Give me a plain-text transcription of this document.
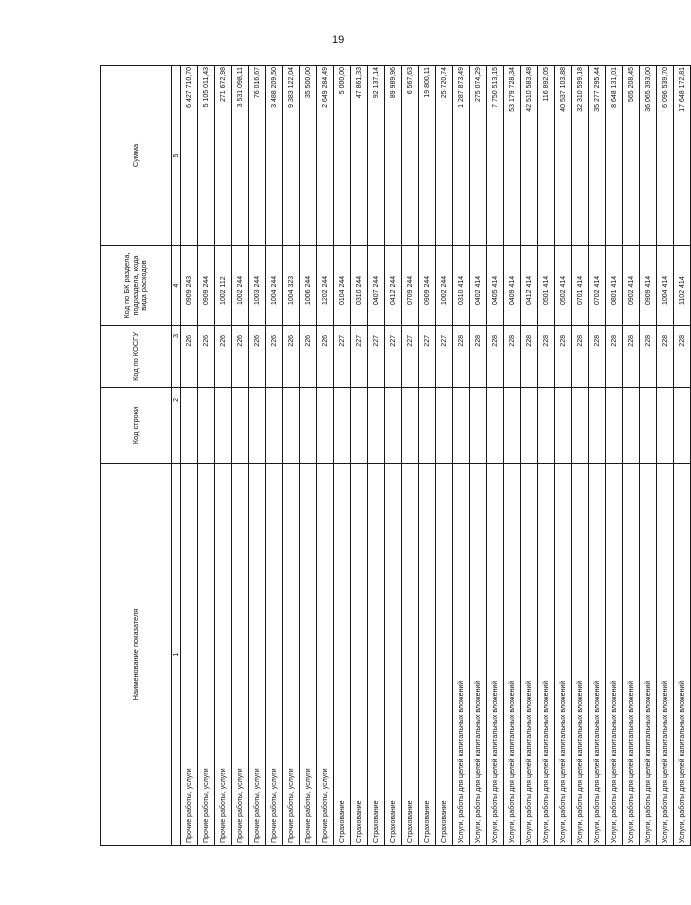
19
Наименование показателя	Код строки	Код по КОСГУ	Код по БК раздела, подраздела, кода вида расходов	Сумма
1	2	3	4	5
Прочие работы, услуги		226	0909 243	6 427 710,70
Прочие работы, услуги		226	0909 244	5 105 011,43
Прочие работы, услуги		226	1002 112	271 672,98
Прочие работы, услуги		226	1002 244	3 531 098,11
Прочие работы, услуги		226	1003 244	76 016,67
Прочие работы, услуги		226	1004 244	3 488 209,50
Прочие работы, услуги		226	1004 323	9 383 122,04
Прочие работы, услуги		226	1006 244	35 500,00
Прочие работы, услуги		226	1202 244	2 649 284,49
Страхование		227	0104 244	5 000,00
Страхование		227	0310 244	47 861,33
Страхование		227	0407 244	92 137,14
Страхование		227	0412 244	89 989,96
Страхование		227	0709 244	6 567,63
Страхование		227	0909 244	19 800,11
Страхование		227	1002 244	25 720,74
Услуги, работы для целей капитальных вложений		228	0310 414	1 287 873,49
Услуги, работы для целей капитальных вложений		228	0402 414	275 074,29
Услуги, работы для целей капитальных вложений		228	0405 414	7 750 513,15
Услуги, работы для целей капитальных вложений		228	0409 414	53 179 728,34
Услуги, работы для целей капитальных вложений		228	0412 414	42 510 583,48
Услуги, работы для целей капитальных вложений		228	0501 414	116 892,05
Услуги, работы для целей капитальных вложений		228	0502 414	40 537 103,88
Услуги, работы для целей капитальных вложений		228	0701 414	32 310 599,18
Услуги, работы для целей капитальных вложений		228	0702 414	35 277 295,44
Услуги, работы для целей капитальных вложений		228	0801 414	8 648 131,01
Услуги, работы для целей капитальных вложений		228	0902 414	565 208,45
Услуги, работы для целей капитальных вложений		228	0909 414	36 065 393,00
Услуги, работы для целей капитальных вложений		228	1004 414	6 096 539,70
Услуги, работы для целей капитальных вложений		228	1102 414	17 648 172,81
